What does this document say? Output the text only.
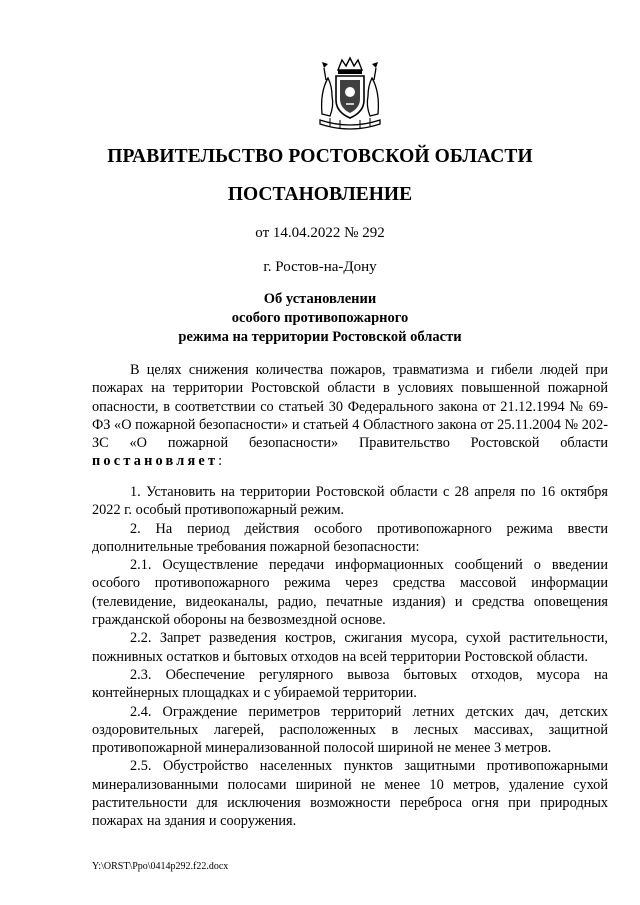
ПРАВИТЕЛЬСТВО РОСТОВСКОЙ ОБЛАСТИ
ПОСТАНОВЛЕНИЕ
от 14.04.2022 № 292
г. Ростов-на-Дону
Об установлении
особого противопожарного
режима на территории Ростовской области
В целях снижения количества пожаров, травматизма и гибели людей при пожарах на территории Ростовской области в условиях повышенной пожарной опасности, в соответствии со статьей 30 Федерального закона от 21.12.1994 № 69-ФЗ «О пожарной безопасности» и статьей 4 Областного закона от 25.11.2004 № 202-ЗС «О пожарной безопасности» Правительство Ростовской области постановляет:

1. Установить на территории Ростовской области с 28 апреля по 16 октября 2022 г. особый противопожарный режим.

2. На период действия особого противопожарного режима ввести дополнительные требования пожарной безопасности:

2.1. Осуществление передачи информационных сообщений о введении особого противопожарного режима через средства массовой информации (телевидение, видеоканалы, радио, печатные издания) и средства оповещения гражданской обороны на безвозмездной основе.

2.2. Запрет разведения костров, сжигания мусора, сухой растительности, пожнивных остатков и бытовых отходов на всей территории Ростовской области.

2.3. Обеспечение регулярного вывоза бытовых отходов, мусора на контейнерных площадках и с убираемой территории.

2.4. Ограждение периметров территорий летних детских дач, детских оздоровительных лагерей, расположенных в лесных массивах, защитной противопожарной минерализованной полосой шириной не менее 3 метров.

2.5. Обустройство населенных пунктов защитными противопожарными минерализованными полосами шириной не менее 10 метров, удаление сухой растительности для исключения возможности переброса огня при природных пожарах на здания и сооружения.

Y:\ORST\Ppo\0414p292.f22.docx
